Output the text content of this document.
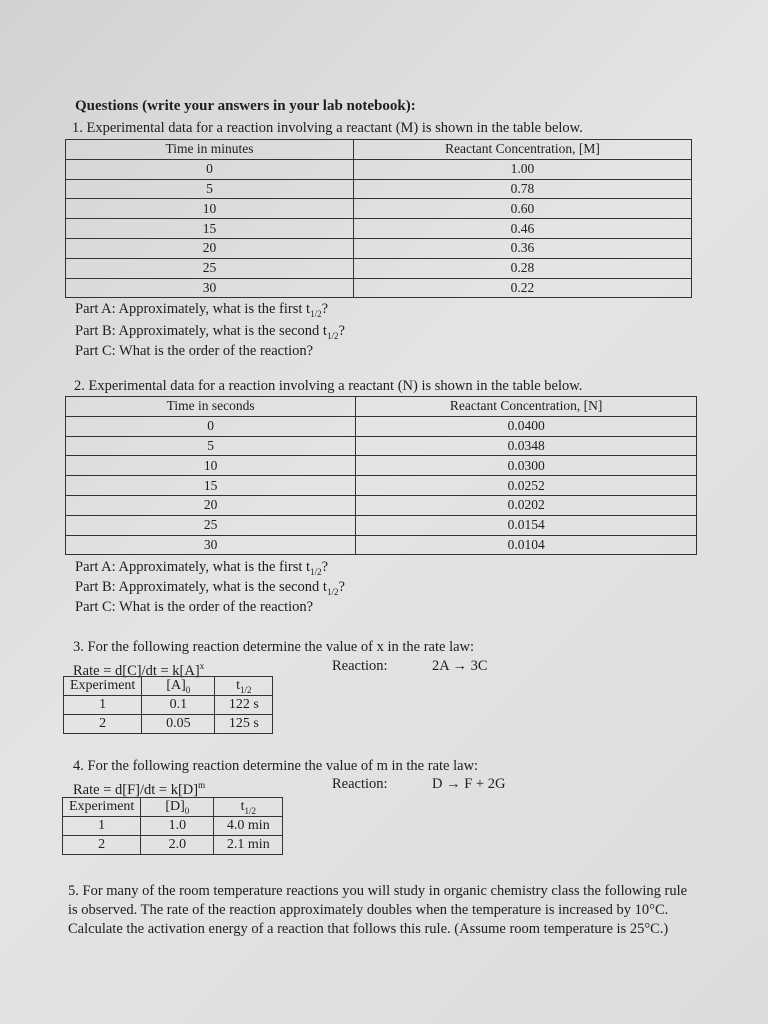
Questions (write your answers in your lab notebook):
1. Experimental data for a reaction involving a reactant (M) is shown in the table below.
Time in minutes	Reactant Concentration, [M]
0	1.00
5	0.78
10	0.60
15	0.46
20	0.36
25	0.28
30	0.22
Part A: Approximately, what is the first $t_{1/2}$?
Part B: Approximately, what is the second $t_{1/2}$?
Part C: What is the order of the reaction?
2. Experimental data for a reaction involving a reactant (N) is shown in the table below.
Time in seconds	Reactant Concentration, [N]
0	0.0400
5	0.0348
10	0.0300
15	0.0252
20	0.0202
25	0.0154
30	0.0104
Part A: Approximately, what is the first $t_{1/2}$?
Part B: Approximately, what is the second $t_{1/2}$?
Part C: What is the order of the reaction?
3. For the following reaction determine the value of x in the rate law:
Rate = $d[C]/dt = k[A]^x$	Reaction:	2A → 3C
Experiment	$[A]_0$	$t_{1/2}$
1	0.1	122 s
2	0.05	125 s
4. For the following reaction determine the value of m in the rate law:
Rate = $d[F]/dt = k[D]^m$	Reaction:	D → F + 2G
Experiment	$[D]_0$	$t_{1/2}$
1	1.0	4.0 min
2	2.0	2.1 min
5. For many of the room temperature reactions you will study in organic chemistry class the following rule is observed. The rate of the reaction approximately doubles when the temperature is increased by 10°C. Calculate the activation energy of a reaction that follows this rule. (Assume room temperature is 25°C.)
